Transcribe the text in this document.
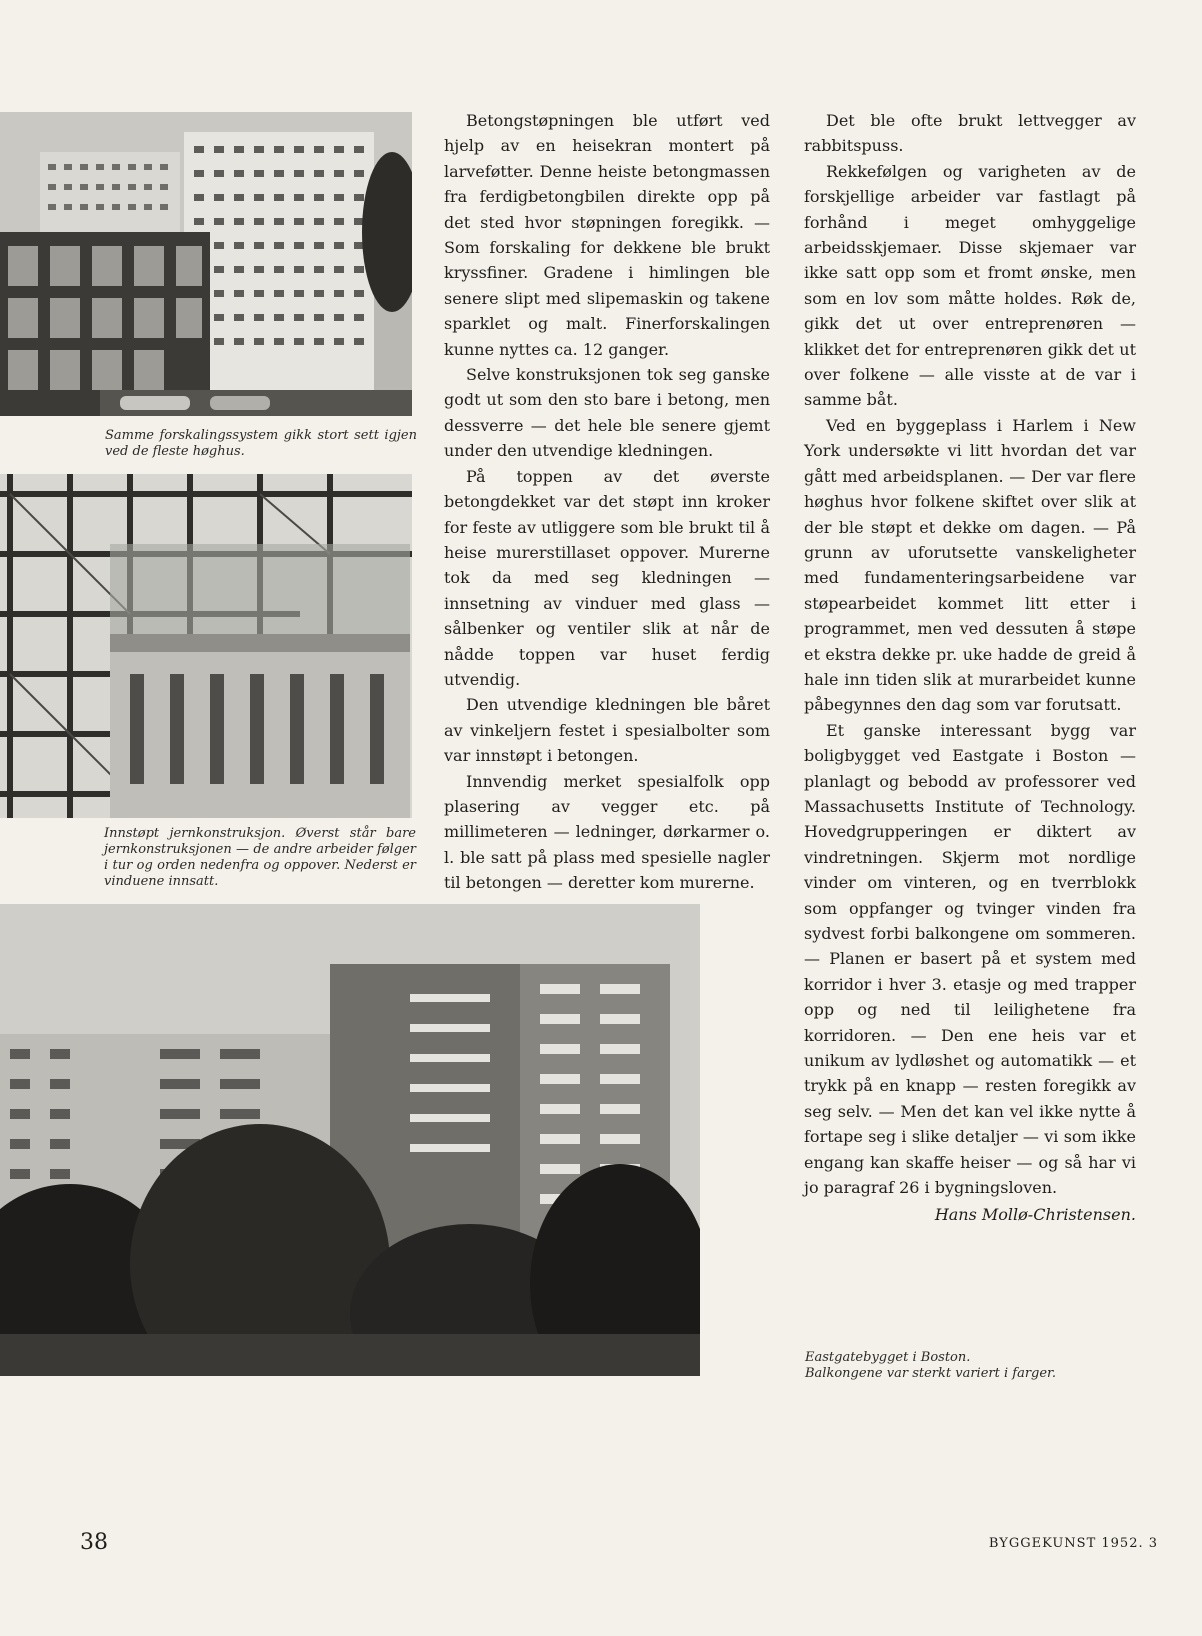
Samme forskalingssystem gikk stort sett igjen ved de fleste høghus.
Innstøpt jernkonstruksjon. Øverst står bare jernkonstruksjonen — de andre arbeider følger i tur og orden nedenfra og oppover. Nederst er vinduene innsatt.
Eastgatebygget i Boston.
Balkongene var sterkt variert i farger.

Betongstøpningen ble utført ved hjelp av en heisekran montert på larveføtter. Denne heiste betongmassen fra ferdigbetongbilen direkte opp på det sted hvor støpningen foregikk. — Som forskaling for dekkene ble brukt kryssfiner. Gradene i himlingen ble senere slipt med slipemaskin og takene sparklet og malt. Finerforskalingen kunne nyttes ca. 12 ganger.

Selve konstruksjonen tok seg ganske godt ut som den sto bare i betong, men dessverre — det hele ble senere gjemt under den utvendige kledningen.

På toppen av det øverste betongdekket var det støpt inn kroker for feste av utliggere som ble brukt til å heise murerstillaset oppover. Murerne tok da med seg kledningen — innsetning av vinduer med glass — sålbenker og ventiler slik at når de nådde toppen var huset ferdig utvendig.

Den utvendige kledningen ble båret av vinkeljern festet i spesialbolter som var innstøpt i betongen.

Innvendig merket spesialfolk opp plasering av vegger etc. på millimeteren — ledninger, dørkarmer o. l. ble satt på plass med spesielle nagler til betongen — deretter kom murerne.

Det ble ofte brukt lettvegger av rabbitspuss.

Rekkefølgen og varigheten av de forskjellige arbeider var fastlagt på forhånd i meget omhyggelige arbeidsskjemaer. Disse skjemaer var ikke satt opp som et fromt ønske, men som en lov som måtte holdes. Røk de, gikk det ut over entreprenøren — klikket det for entreprenøren gikk det ut over folkene — alle visste at de var i samme båt.

Ved en byggeplass i Harlem i New York undersøkte vi litt hvordan det var gått med arbeidsplanen. — Der var flere høghus hvor folkene skiftet over slik at der ble støpt et dekke om dagen. — På grunn av uforutsette vanskeligheter med fundamenteringsarbeidene var støpearbeidet kommet litt etter i programmet, men ved dessuten å støpe et ekstra dekke pr. uke hadde de greid å hale inn tiden slik at murarbeidet kunne påbegynnes den dag som var forutsatt.

Et ganske interessant bygg var boligbygget ved Eastgate i Boston — planlagt og bebodd av professorer ved Massachusetts Institute of Technology. Hovedgrupperingen er diktert av vindretningen. Skjerm mot nordlige vinder om vinteren, og en tverrblokk som oppfanger og tvinger vinden fra sydvest forbi balkongene om sommeren. — Planen er basert på et system med korridor i hver 3. etasje og med trapper opp og ned til leilighetene fra korridoren. — Den ene heis var et unikum av lydløshet og automatikk — et trykk på en knapp — resten foregikk av seg selv. — Men det kan vel ikke nytte å fortape seg i slike detaljer — vi som ikke engang kan skaffe heiser — og så har vi jo paragraf 26 i bygningsloven.

Hans Mollø-Christensen.
38	BYGGEKUNST 1952. 3
